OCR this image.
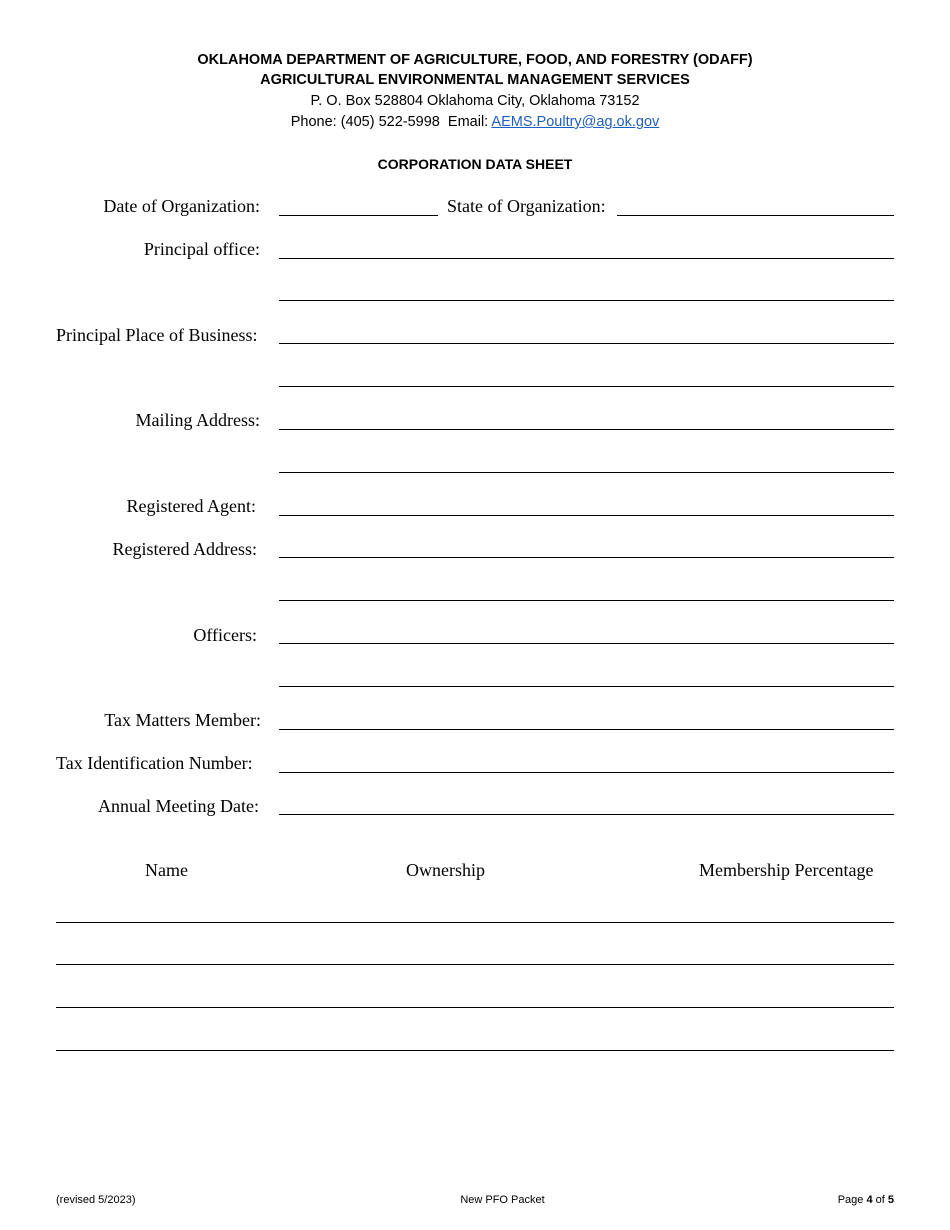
OKLAHOMA DEPARTMENT OF AGRICULTURE, FOOD, AND FORESTRY (ODAFF)
AGRICULTURAL ENVIRONMENTAL MANAGEMENT SERVICES
P. O. Box 528804 Oklahoma City, Oklahoma 73152
Phone: (405) 522-5998  Email: AEMS.Poultry@ag.ok.gov
CORPORATION DATA SHEET
Date of Organization:	State of Organization:
Principal office:
Principal Place of Business:
Mailing Address:
Registered Agent:
Registered Address:
Officers:
Tax Matters Member:
Tax Identification Number:
Annual Meeting Date:
Name	Ownership	Membership Percentage
(revised 5/2023)	New PFO Packet	Page 4 of 5
